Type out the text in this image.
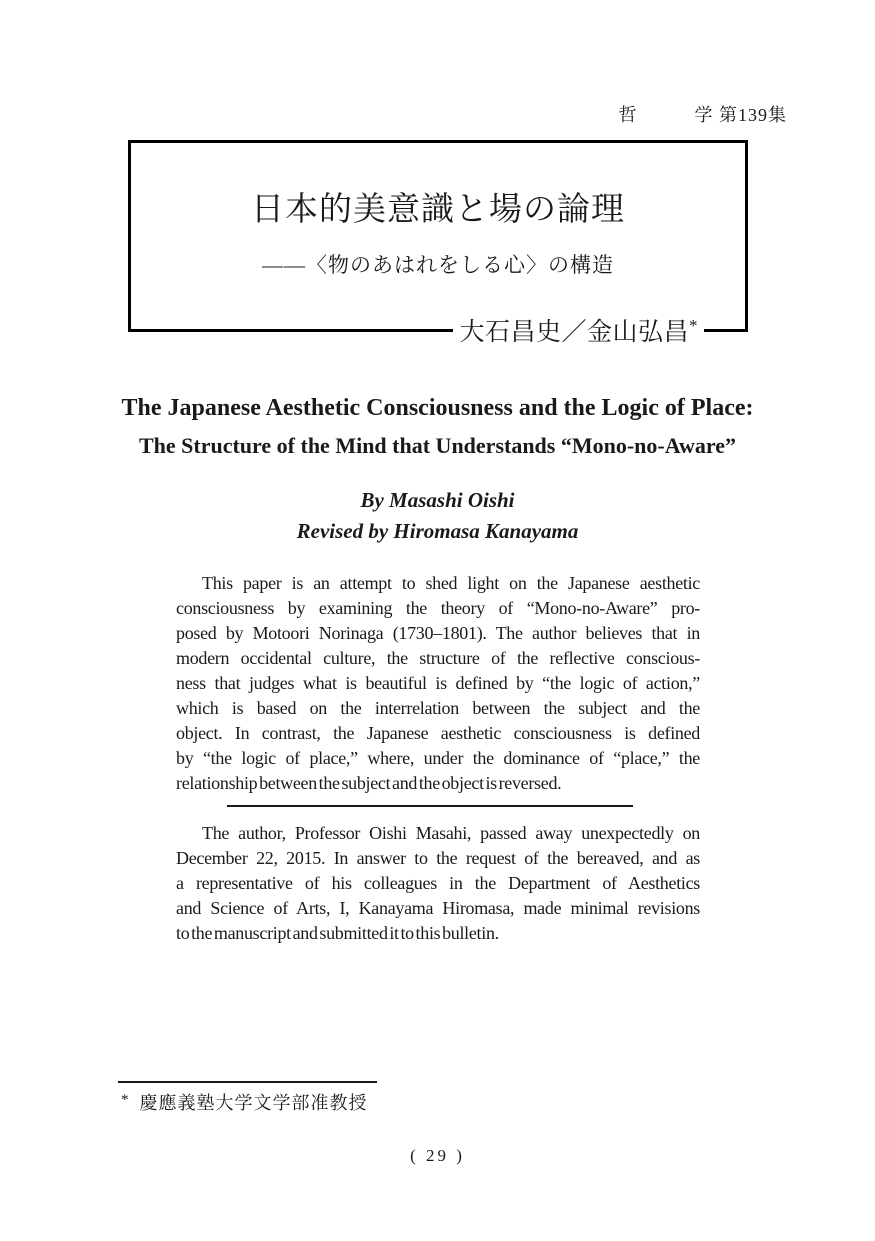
哲　　　学 第139集
日本的美意識と場の論理
——〈物のあはれをしる心〉の構造
大石昌史／金山弘昌*
The Japanese Aesthetic Consciousness and the Logic of Place:
The Structure of the Mind that Understands “Mono-no-Aware”
By Masashi Oishi
Revised by Hiromasa Kanayama
This paper is an attempt to shed light on the Japanese aesthetic
consciousness by examining the theory of “Mono-no-Aware” pro-
posed by Motoori Norinaga (1730–1801). The author believes that in
modern occidental culture, the structure of the reflective conscious-
ness that judges what is beautiful is defined by “the logic of action,”
which is based on the interrelation between the subject and the
object. In contrast, the Japanese aesthetic consciousness is defined
by “the logic of place,” where, under the dominance of “place,” the
relationship between the subject and the object is reversed.
The author, Professor Oishi Masahi, passed away unexpectedly on
December 22, 2015. In answer to the request of the bereaved, and as
a representative of his colleagues in the Department of Aesthetics
and Science of Arts, I, Kanayama Hiromasa, made minimal revisions
to the manuscript and submitted it to this bulletin.
* 慶應義塾大学文学部准教授
( 29 )
